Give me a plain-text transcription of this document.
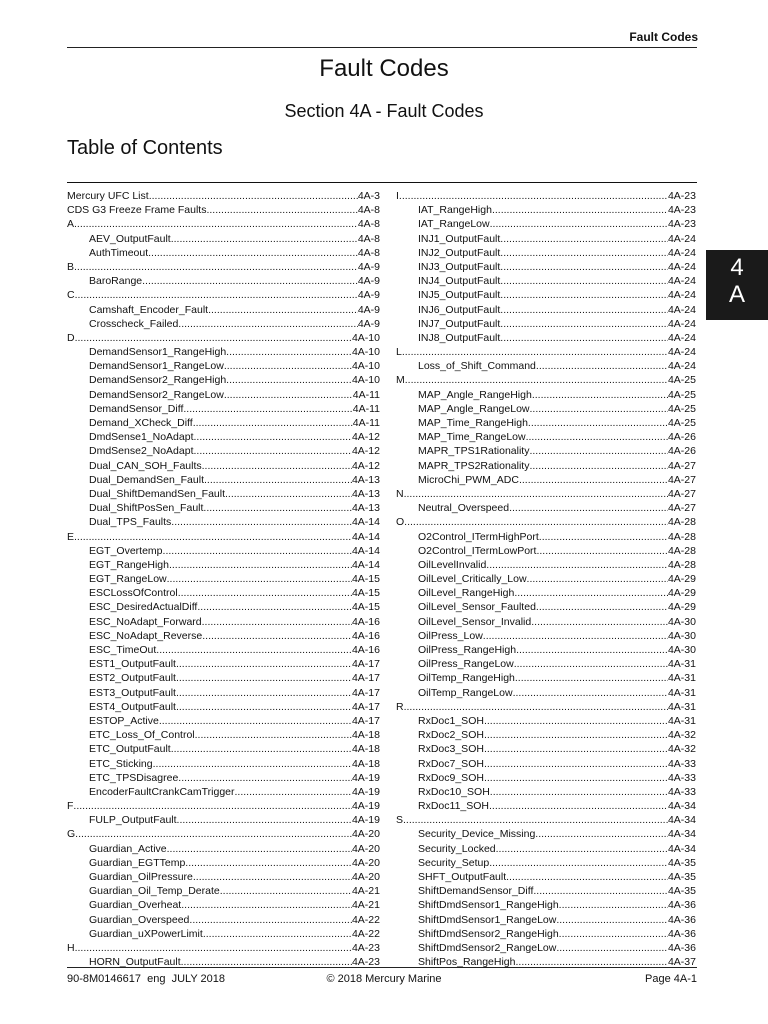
Fault Codes
Fault Codes
Section 4A - Fault Codes
Table of Contents
Mercury UFC List .....	4A-3
CDS G3 Freeze Frame Faults .....	4A-8
A .....	4A-8
AEV_OutputFault .....	4A-8
AuthTimeout .....	4A-8
B .....	4A-9
BaroRange .....	4A-9
C .....	4A-9
Camshaft_Encoder_Fault .....	4A-9
Crosscheck_Failed .....	4A-9
D .....	4A-10
DemandSensor1_RangeHigh .....	4A-10
DemandSensor1_RangeLow .....	4A-10
DemandSensor2_RangeHigh .....	4A-10
DemandSensor2_RangeLow .....	4A-11
DemandSensor_Diff .....	4A-11
Demand_XCheck_Diff .....	4A-11
DmdSense1_NoAdapt .....	4A-12
DmdSense2_NoAdapt .....	4A-12
Dual_CAN_SOH_Faults .....	4A-12
Dual_DemandSen_Fault .....	4A-13
Dual_ShiftDemandSen_Fault .....	4A-13
Dual_ShiftPosSen_Fault .....	4A-13
Dual_TPS_Faults .....	4A-14
E .....	4A-14
EGT_Overtemp .....	4A-14
EGT_RangeHigh .....	4A-14
EGT_RangeLow .....	4A-15
ESCLossOfControl .....	4A-15
ESC_DesiredActualDiff .....	4A-15
ESC_NoAdapt_Forward .....	4A-16
ESC_NoAdapt_Reverse .....	4A-16
ESC_TimeOut .....	4A-16
EST1_OutputFault .....	4A-17
EST2_OutputFault .....	4A-17
EST3_OutputFault .....	4A-17
EST4_OutputFault .....	4A-17
ESTOP_Active .....	4A-17
ETC_Loss_Of_Control .....	4A-18
ETC_OutputFault .....	4A-18
ETC_Sticking .....	4A-18
ETC_TPSDisagree .....	4A-19
EncoderFaultCrankCamTrigger .....	4A-19
F .....	4A-19
FULP_OutputFault .....	4A-19
G .....	4A-20
Guardian_Active .....	4A-20
Guardian_EGTTemp .....	4A-20
Guardian_OilPressure .....	4A-20
Guardian_Oil_Temp_Derate .....	4A-21
Guardian_Overheat .....	4A-21
Guardian_Overspeed .....	4A-22
Guardian_uXPowerLimit .....	4A-22
H .....	4A-23
HORN_OutputFault .....	4A-23
I .....	4A-23
IAT_RangeHigh .....	4A-23
IAT_RangeLow .....	4A-23
INJ1_OutputFault .....	4A-24
INJ2_OutputFault .....	4A-24
INJ3_OutputFault .....	4A-24
INJ4_OutputFault .....	4A-24
INJ5_OutputFault .....	4A-24
INJ6_OutputFault .....	4A-24
INJ7_OutputFault .....	4A-24
INJ8_OutputFault .....	4A-24
L .....	4A-24
Loss_of_Shift_Command .....	4A-24
M .....	4A-25
MAP_Angle_RangeHigh .....	4A-25
MAP_Angle_RangeLow .....	4A-25
MAP_Time_RangeHigh .....	4A-25
MAP_Time_RangeLow .....	4A-26
MAPR_TPS1Rationality .....	4A-26
MAPR_TPS2Rationality .....	4A-27
MicroChi_PWM_ADC .....	4A-27
N .....	4A-27
Neutral_Overspeed .....	4A-27
O .....	4A-28
O2Control_ITermHighPort .....	4A-28
O2Control_ITermLowPort .....	4A-28
OilLevelInvalid .....	4A-28
OilLevel_Critically_Low .....	4A-29
OilLevel_RangeHigh .....	4A-29
OilLevel_Sensor_Faulted .....	4A-29
OilLevel_Sensor_Invalid .....	4A-30
OilPress_Low .....	4A-30
OilPress_RangeHigh .....	4A-30
OilPress_RangeLow .....	4A-31
OilTemp_RangeHigh .....	4A-31
OilTemp_RangeLow .....	4A-31
R .....	4A-31
RxDoc1_SOH .....	4A-31
RxDoc2_SOH .....	4A-32
RxDoc3_SOH .....	4A-32
RxDoc7_SOH .....	4A-33
RxDoc9_SOH .....	4A-33
RxDoc10_SOH .....	4A-33
RxDoc11_SOH .....	4A-34
S .....	4A-34
Security_Device_Missing .....	4A-34
Security_Locked .....	4A-34
Security_Setup .....	4A-35
SHFT_OutputFault .....	4A-35
ShiftDemandSensor_Diff .....	4A-35
ShiftDmdSensor1_RangeHigh .....	4A-36
ShiftDmdSensor1_RangeLow .....	4A-36
ShiftDmdSensor2_RangeHigh .....	4A-36
ShiftDmdSensor2_RangeLow .....	4A-36
ShiftPos_RangeHigh .....	4A-37
4
A
90-8M0146617  eng  JULY 2018	© 2018 Mercury Marine	Page 4A-1
